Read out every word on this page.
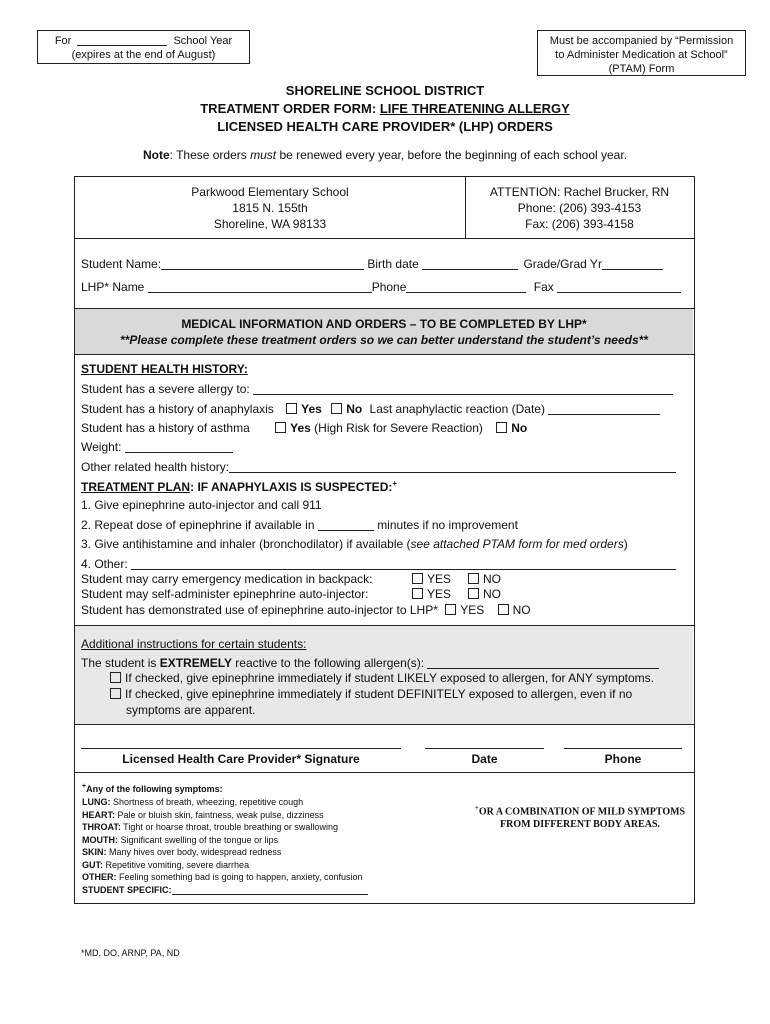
For	School Year
(expires at the end of August)
Must be accompanied by “Permission
to Administer Medication at School”
(PTAM) Form
SHORELINE SCHOOL DISTRICT
TREATMENT ORDER FORM: LIFE THREATENING ALLERGY
LICENSED HEALTH CARE PROVIDER* (LHP) ORDERS
Note: These orders must be renewed every year, before the beginning of each school year.
Parkwood Elementary School
1815 N. 155th
Shoreline, WA 98133
ATTENTION: Rachel Brucker, RN
Phone: (206) 393-4153
Fax: (206) 393-4158
Student Name:	Birth date	Grade/Grad Yr
LHP* Name	Phone	Fax
MEDICAL INFORMATION AND ORDERS – TO BE COMPLETED BY LHP*
**Please complete these treatment orders so we can better understand the student’s needs**
STUDENT HEALTH HISTORY:
Student has a severe allergy to:
Student has a history of anaphylaxis Yes No Last anaphylactic reaction (Date)
Student has a history of asthma	Yes (High Risk for Severe Reaction) No
Weight:
Other related health history:
TREATMENT PLAN: IF ANAPHYLAXIS IS SUSPECTED:+
1. Give epinephrine auto-injector and call 911
2. Repeat dose of epinephrine if available in	minutes if no improvement
3. Give antihistamine and inhaler (bronchodilator) if available (see attached PTAM form for med orders)
4. Other:
Student may carry emergency medication in backpack:	YES	NO
Student may self-administer epinephrine auto-injector:	YES	NO
Student has demonstrated use of epinephrine auto-injector to LHP* YES NO
Additional instructions for certain students:
The student is EXTREMELY reactive to the following allergen(s):
If checked, give epinephrine immediately if student LIKELY exposed to allergen, for ANY symptoms.
If checked, give epinephrine immediately if student DEFINITELY exposed to allergen, even if no
symptoms are apparent.
Licensed Health Care Provider* Signature	Date	Phone
+Any of the following symptoms:
LUNG: Shortness of breath, wheezing, repetitive cough
HEART: Pale or bluish skin, faintness, weak pulse, dizziness
THROAT: Tight or hoarse throat, trouble breathing or swallowing
MOUTH: Significant swelling of the tongue or lips
SKIN: Many hives over body, widespread redness
GUT: Repetitive vomiting, severe diarrhea
OTHER: Feeling something bad is going to happen, anxiety, confusion
STUDENT SPECIFIC:
+OR A COMBINATION OF MILD SYMPTOMS
FROM DIFFERENT BODY AREAS.
*MD, DO, ARNP, PA, ND
